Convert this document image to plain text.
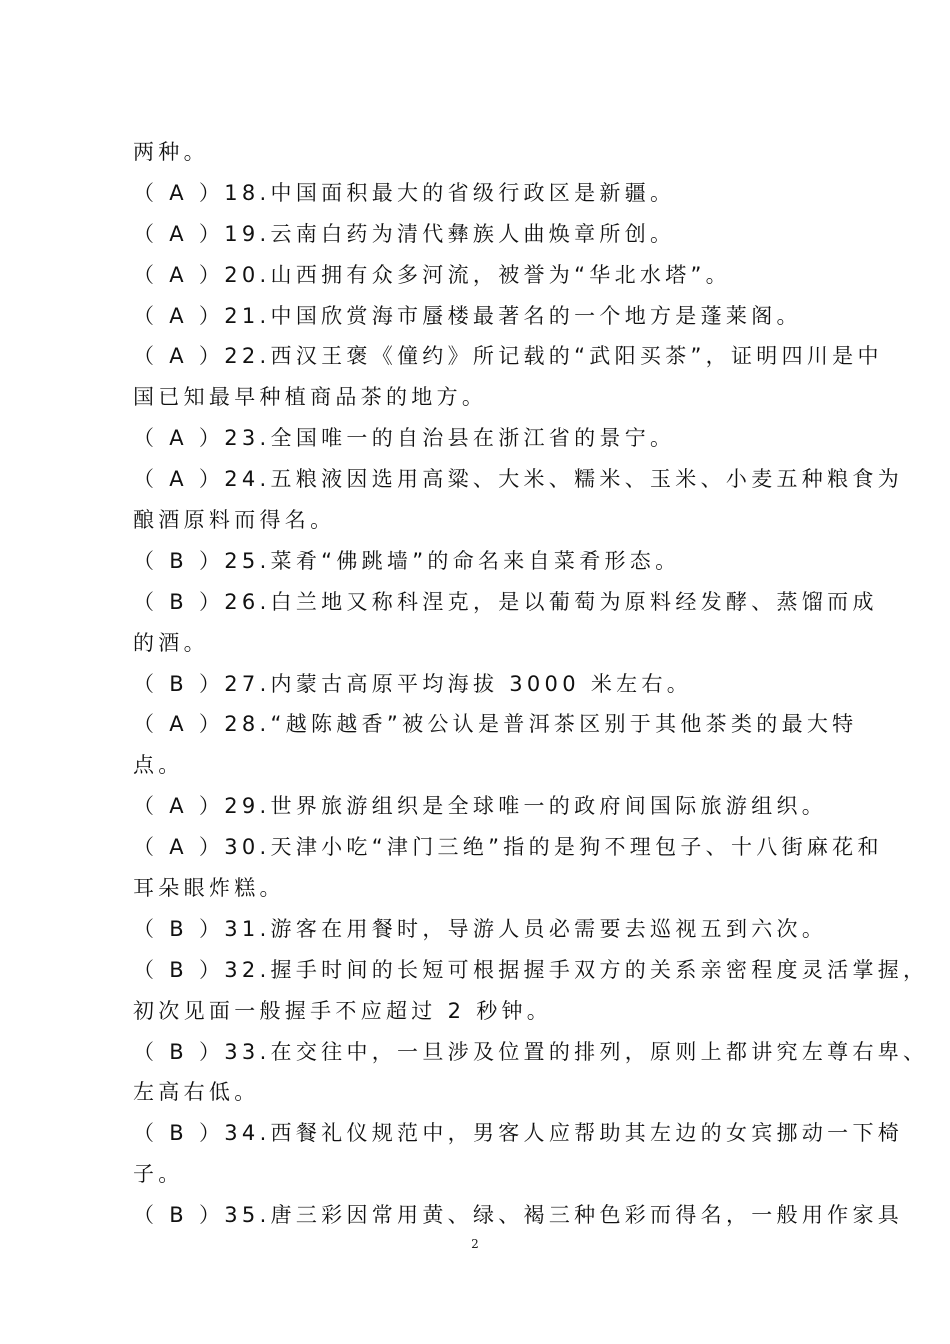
两种。
（ A ）18.中国面积最大的省级行政区是新疆。
（ A ）19.云南白药为清代彝族人曲焕章所创。
（ A ）20.山西拥有众多河流，被誉为“华北水塔”。
（ A ）21.中国欣赏海市蜃楼最著名的一个地方是蓬莱阁。
（ A ）22.西汉王褒《僮约》所记载的“武阳买茶”，证明四川是中
国已知最早种植商品茶的地方。
（ A ）23.全国唯一的自治县在浙江省的景宁。
（ A ）24.五粮液因选用高粱、大米、糯米、玉米、小麦五种粮食为
酿酒原料而得名。
（ B ）25.菜肴“佛跳墙”的命名来自菜肴形态。
（ B ）26.白兰地又称科涅克，是以葡萄为原料经发酵、蒸馏而成
的酒。
（ B ）27.内蒙古高原平均海拔 3000 米左右。
（ A ）28.“越陈越香”被公认是普洱茶区别于其他茶类的最大特
点。
（ A ）29.世界旅游组织是全球唯一的政府间国际旅游组织。
（ A ）30.天津小吃“津门三绝”指的是狗不理包子、十八街麻花和
耳朵眼炸糕。
（ B ）31.游客在用餐时，导游人员必需要去巡视五到六次。
（ B ）32.握手时间的长短可根据握手双方的关系亲密程度灵活掌握，
初次见面一般握手不应超过 2 秒钟。
（ B ）33.在交往中，一旦涉及位置的排列，原则上都讲究左尊右卑、
左高右低。
（ B ）34.西餐礼仪规范中，男客人应帮助其左边的女宾挪动一下椅
子。
（ B ）35.唐三彩因常用黄、绿、褐三种色彩而得名，一般用作家具
2
